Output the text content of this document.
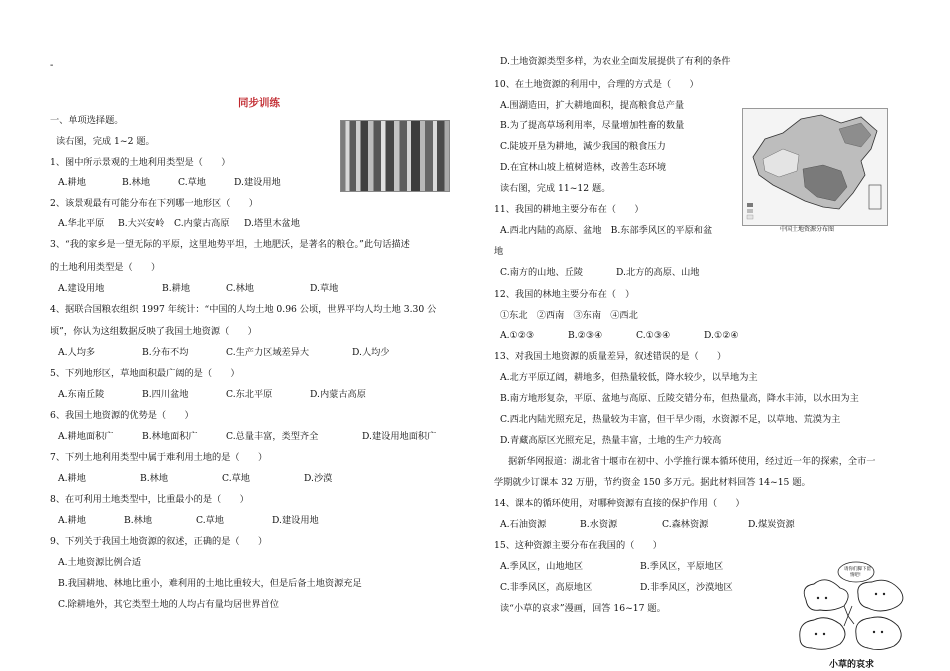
-
同步训练
一、单项选择题。
读右图，完成 1~2 题。
1、图中所示景观的土地利用类型是（　　）
A.耕地	B.林地	C.草地	D.建设用地
2、该景观最有可能分布在下列哪一地形区（　　）
A.华北平原 B.大兴安岭 C.内蒙古高原 D.塔里木盆地
3、“我的家乡是一望无际的平原，这里地势平坦，土地肥沃，是著名的粮仓。”此句话描述
的土地利用类型是（　　）
A.建设用地	B.耕地	C.林地	D.草地
4、据联合国粮农组织 1997 年统计：“中国的人均土地 0.96 公顷，世界平均人均土地 3.30 公
顷”，你认为这组数据反映了我国土地资源（　　）
A.人均多	B.分布不均	C.生产力区域差异大	D.人均少
5、下列地形区，草地面积最广阔的是（　　）
A.东南丘陵	B.四川盆地	C.东北平原	D.内蒙古高原
6、我国土地资源的优势是（　　）
A.耕地面积广	B.林地面积广	C.总量丰富，类型齐全	D.建设用地面积广
7、下列土地利用类型中属于难利用土地的是（　　）
A.耕地	B.林地	C.草地	D.沙漠
8、在可利用土地类型中，比重最小的是（　　）
A.耕地	B.林地	C.草地	D.建设用地
9、下列关于我国土地资源的叙述，正确的是（　　）
A.土地资源比例合适
B.我国耕地、林地比重小，难利用的土地比重较大，但是后备土地资源充足
C.除耕地外，其它类型土地的人均占有量均居世界首位
D.土地资源类型多样，为农业全面发展提供了有利的条件
10、在土地资源的利用中，合理的方式是（　　）
A.围湖造田，扩大耕地面积，提高粮食总产量
B.为了提高草场利用率，尽量增加牲畜的数量
C.陡坡开垦为耕地，減少我国的粮食压力
D.在宜林山坡上植树造林，改善生态环境
读右图，完成 11~12 题。
中国土地资源分布图
11、我国的耕地主要分布在（　　）
A.西北内陆的高原、盆地　B.东部季风区的平原和盆
地
C.南方的山地、丘陵	D.北方的高原、山地
12、我国的林地主要分布在（　）
①东北　②西南　③东南　④西北
A.①②③	B.②③④	C.①③④	D.①②④
13、对我国土地资源的质量差异，叙述错误的是（　　）
A.北方平原辽阔，耕地多，但热量较低，降水较少，以旱地为主
B.南方地形复杂，平原、盆地与高原、丘陵交错分布，但热量高，降水丰沛，以水田为主
C.西北内陆光照充足，热量较为丰富，但干旱少雨，水资源不足，以草地、荒漠为主
D.青藏高原区光照充足，热量丰富，土地的生产力较高
据新华网报道：湖北省十堰市在初中、小学推行课本循环使用，经过近一年的探索，全市一
学期就少订课本 32 万册，节约资金 150 多万元。据此材料回答 14~15 题。
14、课本的循环使用，对哪种资源有直接的保护作用（　　）
A.石油资源	B.水资源	C.森林资源	D.煤炭资源
15、这种资源主要分布在我国的（　　）
A.季风区，山地地区	B.季风区，平原地区
C.非季风区，高原地区	D.非季风区，沙漠地区
读“小草的哀求”漫画，回答 16~17 题。
请你们脚下留
情吧!
小草的哀求
